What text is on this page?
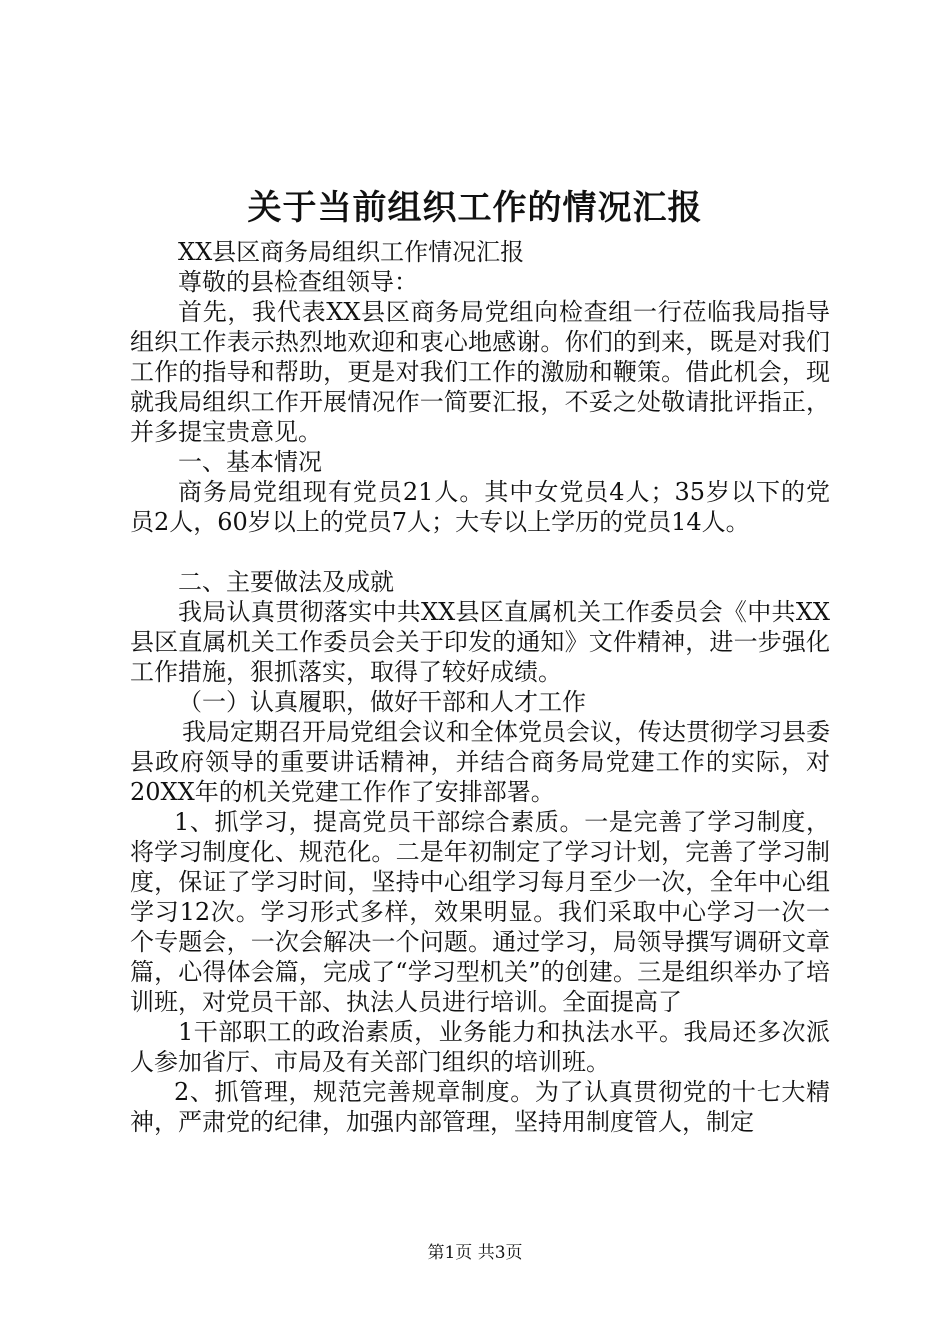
关于当前组织工作的情况汇报

XX县区商务局组织工作情况汇报

尊敬的县检查组领导：

首先，我代表XX县区商务局党组向检查组一行莅临我局指导组织工作表示热烈地欢迎和衷心地感谢。你们的到来，既是对我们工作的指导和帮助，更是对我们工作的激励和鞭策。借此机会，现就我局组织工作开展情况作一简要汇报，不妥之处敬请批评指正，并多提宝贵意见。

一、基本情况

商务局党组现有党员21人。其中女党员4人；35岁以下的党员2人，60岁以上的党员7人；大专以上学历的党员14人。

二、主要做法及成就

我局认真贯彻落实中共XX县区直属机关工作委员会《中共XX县区直属机关工作委员会关于印发的通知》文件精神，进一步强化工作措施，狠抓落实，取得了较好成绩。

（一）认真履职，做好干部和人才工作

我局定期召开局党组会议和全体党员会议，传达贯彻学习县委县政府领导的重要讲话精神，并结合商务局党建工作的实际，对20XX年的机关党建工作作了安排部署。

1、抓学习，提高党员干部综合素质。一是完善了学习制度，将学习制度化、规范化。二是年初制定了学习计划，完善了学习制度，保证了学习时间，坚持中心组学习每月至少一次，全年中心组学习12次。学习形式多样，效果明显。我们采取中心学习一次一个专题会，一次会解决一个问题。通过学习，局领导撰写调研文章篇，心得体会篇，完成了“学习型机关”的创建。三是组织举办了培训班，对党员干部、执法人员进行培训。全面提高了

1干部职工的政治素质，业务能力和执法水平。我局还多次派人参加省厅、市局及有关部门组织的培训班。

2、抓管理，规范完善规章制度。为了认真贯彻党的十七大精神，严肃党的纪律，加强内部管理，坚持用制度管人，制定

第1页 共3页
